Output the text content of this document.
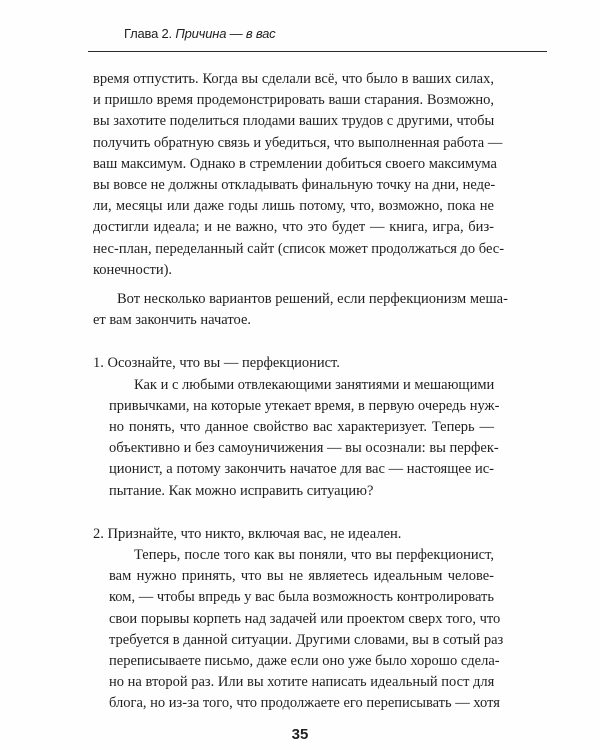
Глава 2. Причина — в вас
время отпустить. Когда вы сделали всё, что было в ваших силах,
и пришло время продемонстрировать ваши старания. Возможно,
вы захотите поделиться плодами ваших трудов с другими, чтобы
получить обратную связь и убедиться, что выполненная работа —
ваш максимум. Однако в стремлении добиться своего максимума
вы вовсе не должны откладывать финальную точку на дни, неде-
ли, месяцы или даже годы лишь потому, что, возможно, пока не
достигли идеала; и не важно, что это будет — книга, игра, биз-
нес-план, переделанный сайт (список может продолжаться до бес-
конечности).
Вот несколько вариантов решений, если перфекционизм меша-
ет вам закончить начатое.
1. Осознайте, что вы — перфекционист.
Как и с любыми отвлекающими занятиями и мешающими
привычками, на которые утекает время, в первую очередь нуж-
но понять, что данное свойство вас характеризует. Теперь —
объективно и без самоуничижения — вы осознали: вы перфек-
ционист, а потому закончить начатое для вас — настоящее ис-
пытание. Как можно исправить ситуацию?
2. Признайте, что никто, включая вас, не идеален.
Теперь, после того как вы поняли, что вы перфекционист,
вам нужно принять, что вы не являетесь идеальным челове-
ком, — чтобы впредь у вас была возможность контролировать
свои порывы корпеть над задачей или проектом сверх того, что
требуется в данной ситуации. Другими словами, вы в сотый раз
переписываете письмо, даже если оно уже было хорошо сдела-
но на второй раз. Или вы хотите написать идеальный пост для
блога, но из-за того, что продолжаете его переписывать — хотя
35
